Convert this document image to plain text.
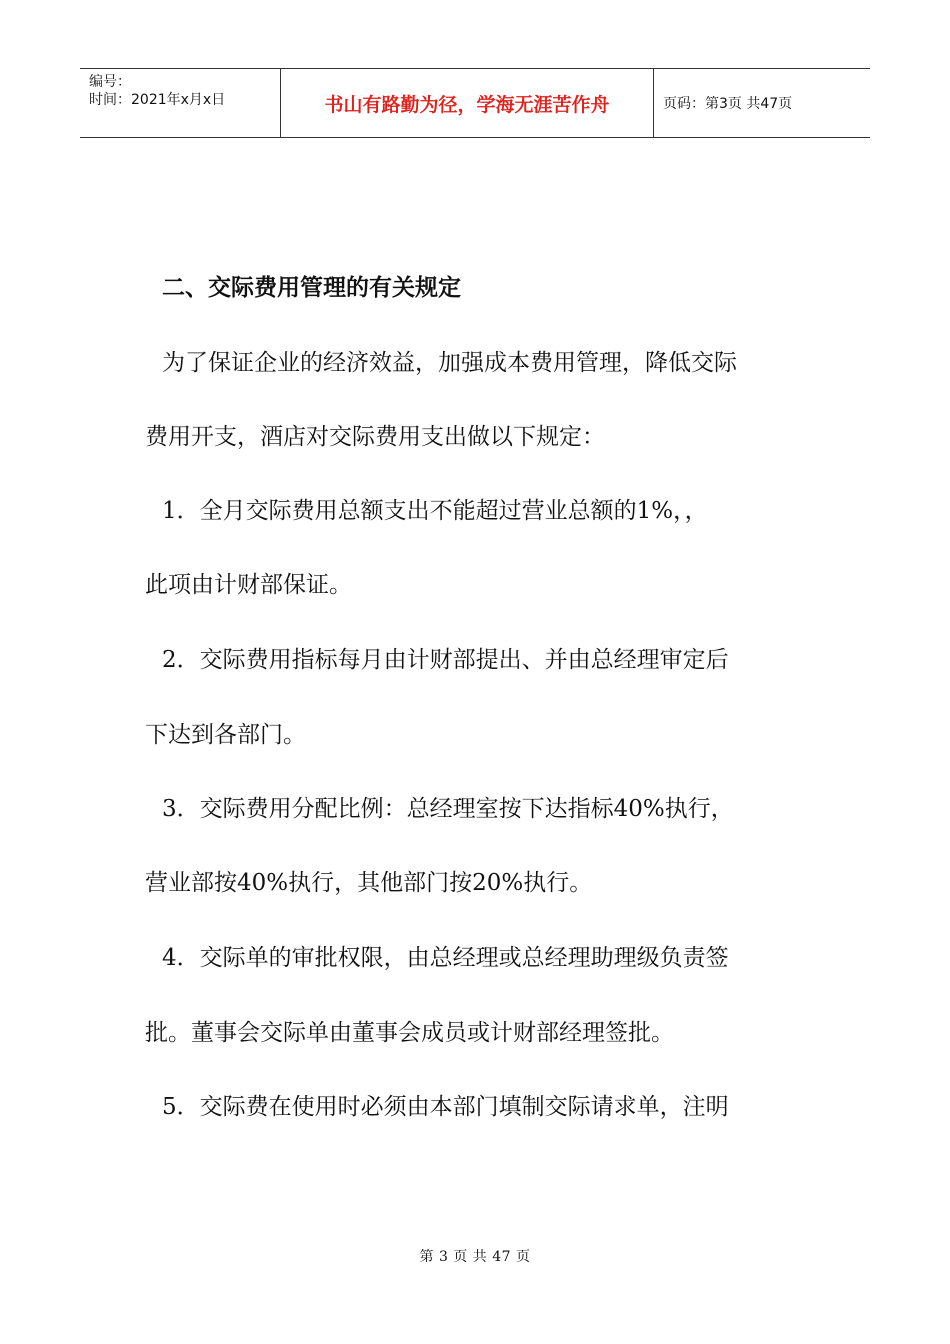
编号：
时间：2021年x月x日	书山有路勤为径，学海无涯苦作舟	页码：第3页 共47页
二、交际费用管理的有关规定
为了保证企业的经济效益，加强成本费用管理，降低交际
费用开支，酒店对交际费用支出做以下规定：
1．全月交际费用总额支出不能超过营业总额的1%，，
此项由计财部保证。
2．交际费用指标每月由计财部提出、并由总经理审定后
下达到各部门。
3．交际费用分配比例：总经理室按下达指标40%执行，
营业部按40%执行，其他部门按20%执行。
4．交际单的审批权限，由总经理或总经理助理级负责签
批。董事会交际单由董事会成员或计财部经理签批。
5．交际费在使用时必须由本部门填制交际请求单，注明
第 3 页 共 47 页
